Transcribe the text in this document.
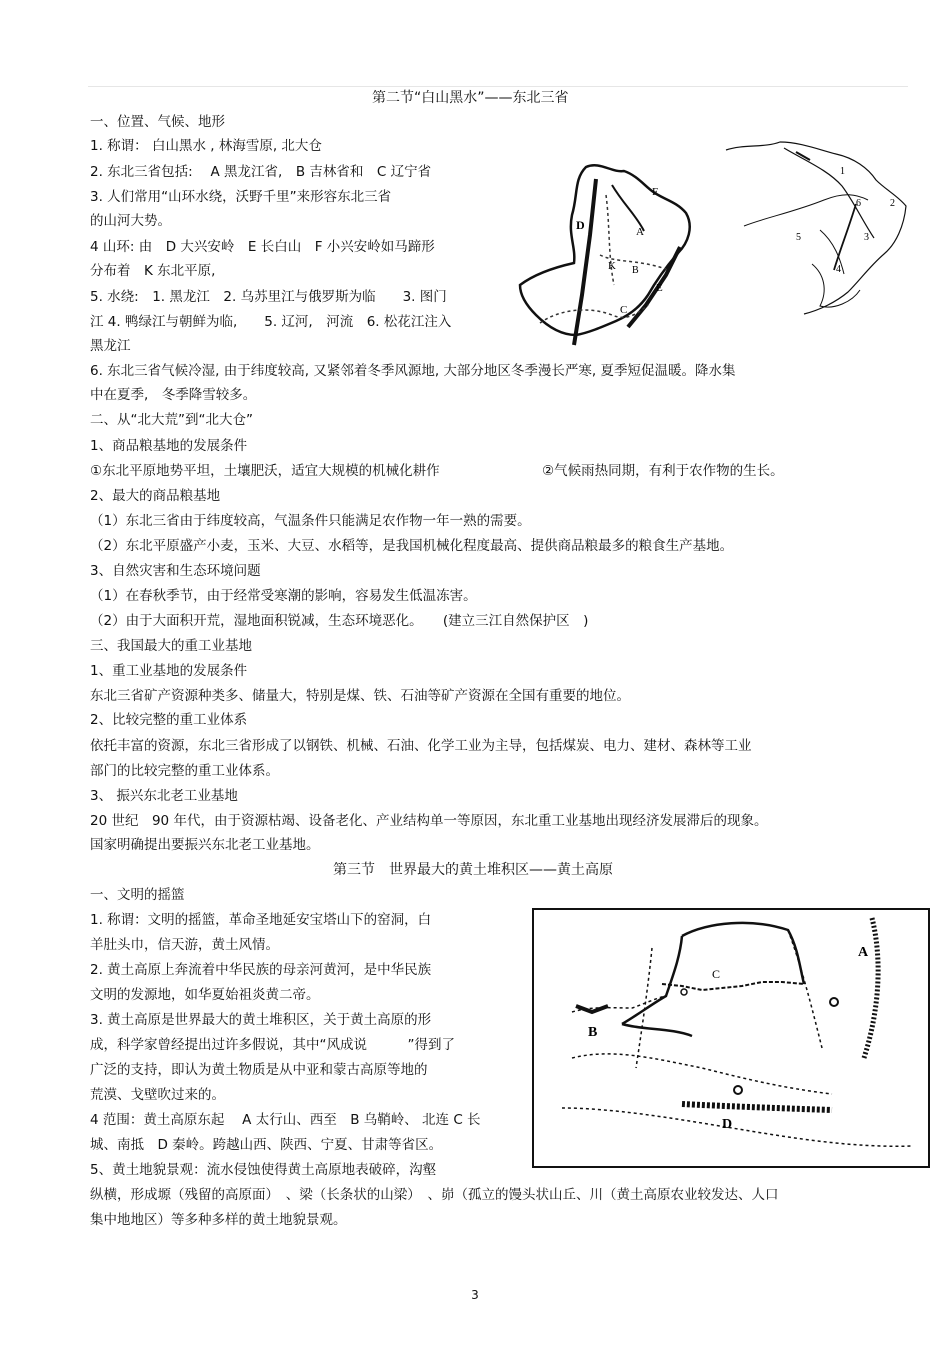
第二节“白山黑水”——东北三省
一、位置、气候、地形
1. 称谓： 白山黑水 , 林海雪原, 北大仓
2. 东北三省包括:　 A 黑龙江省,　B 吉林省和　C 辽宁省
3. 人们常用“山环水绕，沃野千里”来形容东北三省
的山河大势。
4 山环: 由　D 大兴安岭　E 长白山　F 小兴安岭如马蹄形
分布着　K 东北平原,
5. 水绕:　1. 黑龙江　2. 乌苏里江与俄罗斯为临　　3. 图门
江 4. 鸭绿江与朝鲜为临,　　5. 辽河,　河流　6. 松花江注入
黑龙江
6. 东北三省气候冷湿, 由于纬度较高, 又紧邻着冬季风源地, 大部分地区冬季漫长严寒, 夏季短促温暖。降水集
中在夏季,　冬季降雪较多。
二、从“北大荒”到“北大仓”
1、商品粮基地的发展条件
①东北平原地势平坦，土壤肥沃，适宜大规模的机械化耕作	②气候雨热同期，有利于农作物的生长。
2、最大的商品粮基地
（1）东北三省由于纬度较高，气温条件只能满足农作物一年一熟的需要。
（2）东北平原盛产小麦，玉米、大豆、水稻等，是我国机械化程度最高、提供商品粮最多的粮食生产基地。
3、自然灾害和生态环境问题
（1）在春秋季节，由于经常受寒潮的影响，容易发生低温冻害。
（2）由于大面积开荒，湿地面积锐减，生态环境恶化。　　(建立三江自然保护区　)
三、我国最大的重工业基地
1、重工业基地的发展条件
东北三省矿产资源种类多、储量大，特别是煤、铁、石油等矿产资源在全国有重要的地位。
2、比较完整的重工业体系
依托丰富的资源，东北三省形成了以钢铁、机械、石油、化学工业为主导，包括煤炭、电力、建材、森林等工业
部门的比较完整的重工业体系。
3、 振兴东北老工业基地
20 世纪　90 年代，由于资源枯竭、设备老化、产业结构单一等原因，东北重工业基地出现经济发展滞后的现象。
国家明确提出要振兴东北老工业基地。
第三节　世界最大的黄土堆积区——黄土高原
一、文明的摇篮
1. 称谓：文明的摇篮，革命圣地延安宝塔山下的窑洞，白
羊肚头巾，信天游，黄土风情。
2. 黄土高原上奔流着中华民族的母亲河黄河，是中华民族
文明的发源地，如华夏始祖炎黄二帝。
3. 黄土高原是世界最大的黄土堆积区，关于黄土高原的形
成，科学家曾经提出过许多假说，其中“风成说　　　”得到了
广泛的支持，即认为黄土物质是从中亚和蒙古高原等地的
荒漠、戈壁吹过来的。
4 范围：黄土高原东起　 A 太行山、西至　B 乌鞘岭、 北连 C 长
城、南抵　D 秦岭。跨越山西、陕西、宁夏、甘肃等省区。
5、黄土地貌景观：流水侵蚀使得黄土高原地表破碎，沟壑
纵横，形成塬（残留的高原面）　、梁（长条状的山梁）　、峁（孤立的馒头状山丘、川（黄土高原农业较发达、人口
集中地地区）等多种多样的黄土地貌景观。
D	A
K B
E
C
F
1
2
6
3
5
4
A
C
B
D
3
